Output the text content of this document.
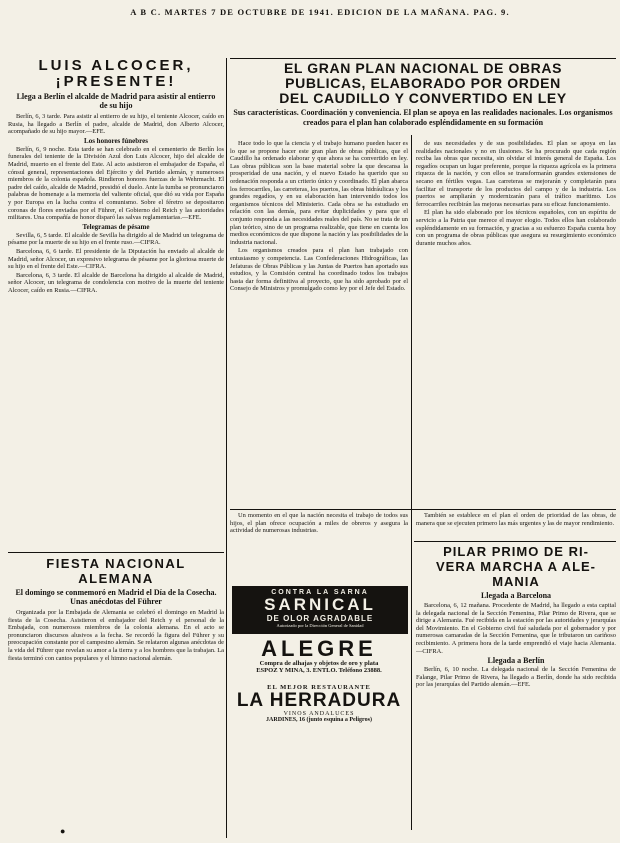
A B C. MARTES 7 DE OCTUBRE DE 1941. EDICION DE LA MAÑANA. PAG. 9.

LUIS ALCOCER,

¡PRESENTE!

Llega a Berlín el alcalde de Madrid para asistir al entierro de su hijo

Berlín, 6, 3 tarde. Para asistir al entierro de su hijo, el teniente Alcocer, caído en Rusia, ha llegado a Berlín el padre, alcalde de Madrid, don Alberto Alcocer, acompañado de su hijo mayor.—EFE.

Los honores fúnebres

Berlín, 6, 9 noche. Esta tarde se han celebrado en el cementerio de Berlín los funerales del teniente de la División Azul don Luis Alcocer, hijo del alcalde de Madrid, muerto en el frente del Este. Al acto asistieron el embajador de España, el cónsul general, representaciones del Ejército y del Partido alemán, y numerosos miembros de la colonia española. Rindieron honores fuerzas de la Wehrmacht. El padre del caído, alcalde de Madrid, presidió el duelo. Ante la tumba se pronunciaron palabras de homenaje a la memoria del valiente oficial, que dió su vida por España y por Europa en la lucha contra el comunismo. Sobre el féretro se depositaron coronas de flores enviadas por el Führer, el Gobierno del Reich y las autoridades militares. Una compañía de honor disparó las salvas reglamentarias.—EFE.

Telegramas de pésame

Sevilla, 6, 5 tarde. El alcalde de Sevilla ha dirigido al de Madrid un telegrama de pésame por la muerte de su hijo en el frente ruso.—CIFRA.

Barcelona, 6, 6 tarde. El presidente de la Diputación ha enviado al alcalde de Madrid, señor Alcocer, un expresivo telegrama de pésame por la gloriosa muerte de su hijo en el frente del Este.—CIFRA.

Barcelona, 6, 3 tarde. El alcalde de Barcelona ha dirigido al alcalde de Madrid, señor Alcocer, un telegrama de condolencia con motivo de la muerte del teniente Alcocer, caído en Rusia.—CIFRA.

FIESTA NACIONAL

ALEMANA

El domingo se conmemoró en Madrid el Día de la Cosecha. Unas anécdotas del Führer

Organizada por la Embajada de Alemania se celebró el domingo en Madrid la fiesta de la Cosecha. Asistieron el embajador del Reich y el personal de la Embajada, con numerosos miembros de la colonia alemana. En el acto se pronunciaron discursos alusivos a la fecha. Se recordó la figura del Führer y su preocupación constante por el campesino alemán. Se relataron algunas anécdotas de la vida del Führer que revelan su amor a la tierra y a los hombres que la trabajan. La fiesta terminó con cantos populares y el himno nacional alemán.

EL GRAN PLAN NACIONAL DE OBRAS

PUBLICAS, ELABORADO POR ORDEN

DEL CAUDILLO Y CONVERTIDO EN LEY

Sus características. Coordinación y conveniencia. El plan se apoya en las realidades nacionales. Los organismos creados para el plan han colaborado espléndidamente en su formación

Hace todo lo que la ciencia y el trabajo humano pueden hacer es lo que se propone hacer este gran plan de obras públicas, que el Caudillo ha ordenado elaborar y que ahora se ha convertido en ley. Las obras públicas son la base material sobre la que descansa la prosperidad de una nación, y el nuevo Estado ha querido que su ordenación responda a un criterio único y coordinado. El plan abarca los ferrocarriles, las carreteras, los puertos, las obras hidráulicas y los grandes regadíos, y en su elaboración han intervenido todos los organismos técnicos del Ministerio. Cada obra se ha estudiado en relación con las demás, para evitar duplicidades y para que el conjunto responda a las necesidades reales del país. No se trata de un plan teórico, sino de un programa realizable, que tiene en cuenta los medios económicos de que dispone la nación y las posibilidades de la industria nacional.

Los organismos creados para el plan han trabajado con entusiasmo y competencia. Las Confederaciones Hidrográficas, las Jefaturas de Obras Públicas y las Juntas de Puertos han aportado sus estudios, y la Comisión central ha coordinado todos los trabajos hasta dar forma definitiva al proyecto, que ha sido aprobado por el Consejo de Ministros y promulgado como ley por el Jefe del Estado.

de sus necesidades y de sus posibilidades. El plan se apoya en las realidades nacionales y no en ilusiones. Se ha procurado que cada región reciba las obras que necesita, sin olvidar el interés general de España. Los regadíos ocupan un lugar preferente, porque la riqueza agrícola es la primera riqueza de la nación, y con ellos se transformarán grandes extensiones de secano en fértiles vegas. Las carreteras se mejorarán y completarán para facilitar el transporte de los productos del campo y de la industria. Los puertos se ampliarán y modernizarán para el tráfico marítimo. Los ferrocarriles recibirán las mejoras necesarias para su eficaz funcionamiento.

El plan ha sido elaborado por los técnicos españoles, con un espíritu de servicio a la Patria que merece el mayor elogio. Todos ellos han colaborado espléndidamente en su formación, y gracias a su esfuerzo España cuenta hoy con un programa de obras públicas que asegura su resurgimiento económico durante muchos años.

Un momento en el que la nación necesita el trabajo de todos sus hijos, el plan ofrece ocupación a miles de obreros y asegura la actividad de numerosas industrias.

También se establece en el plan el orden de prioridad de las obras, de manera que se ejecuten primero las más urgentes y las de mayor rendimiento.

PILAR PRIMO DE RI-

VERA MARCHA A ALE-

MANIA

Llegada a Barcelona

Barcelona, 6, 12 mañana. Procedente de Madrid, ha llegado a esta capital la delegada nacional de la Sección Femenina, Pilar Primo de Rivera, que se dirige a Alemania. Fué recibida en la estación por las autoridades y jerarquías del Movimiento. En el Gobierno civil fué saludada por el gobernador y por numerosas camaradas de la Sección Femenina, que le tributaron un cariñoso recibimiento. A primera hora de la tarde emprendió el viaje hacia Alemania.—CIFRA.

Llegada a Berlín

Berlín, 6, 10 noche. La delegada nacional de la Sección Femenina de Falange, Pilar Primo de Rivera, ha llegado a Berlín, donde ha sido recibida por las jerarquías del Partido alemán.—EFE.

CONTRA LA SARNA
SARNICAL
DE OLOR AGRADABLE
Autorizado por la Dirección General de Sanidad
ALEGRE
Compra de alhajas y objetos de oro y plata
ESPOZ Y MINA, 3. ENTLO. Teléfono 23888.
EL MEJOR RESTAURANTE
LA HERRADURA
VINOS ANDALUCES
JARDINES, 16 (junto esquina a Peligros)
●
